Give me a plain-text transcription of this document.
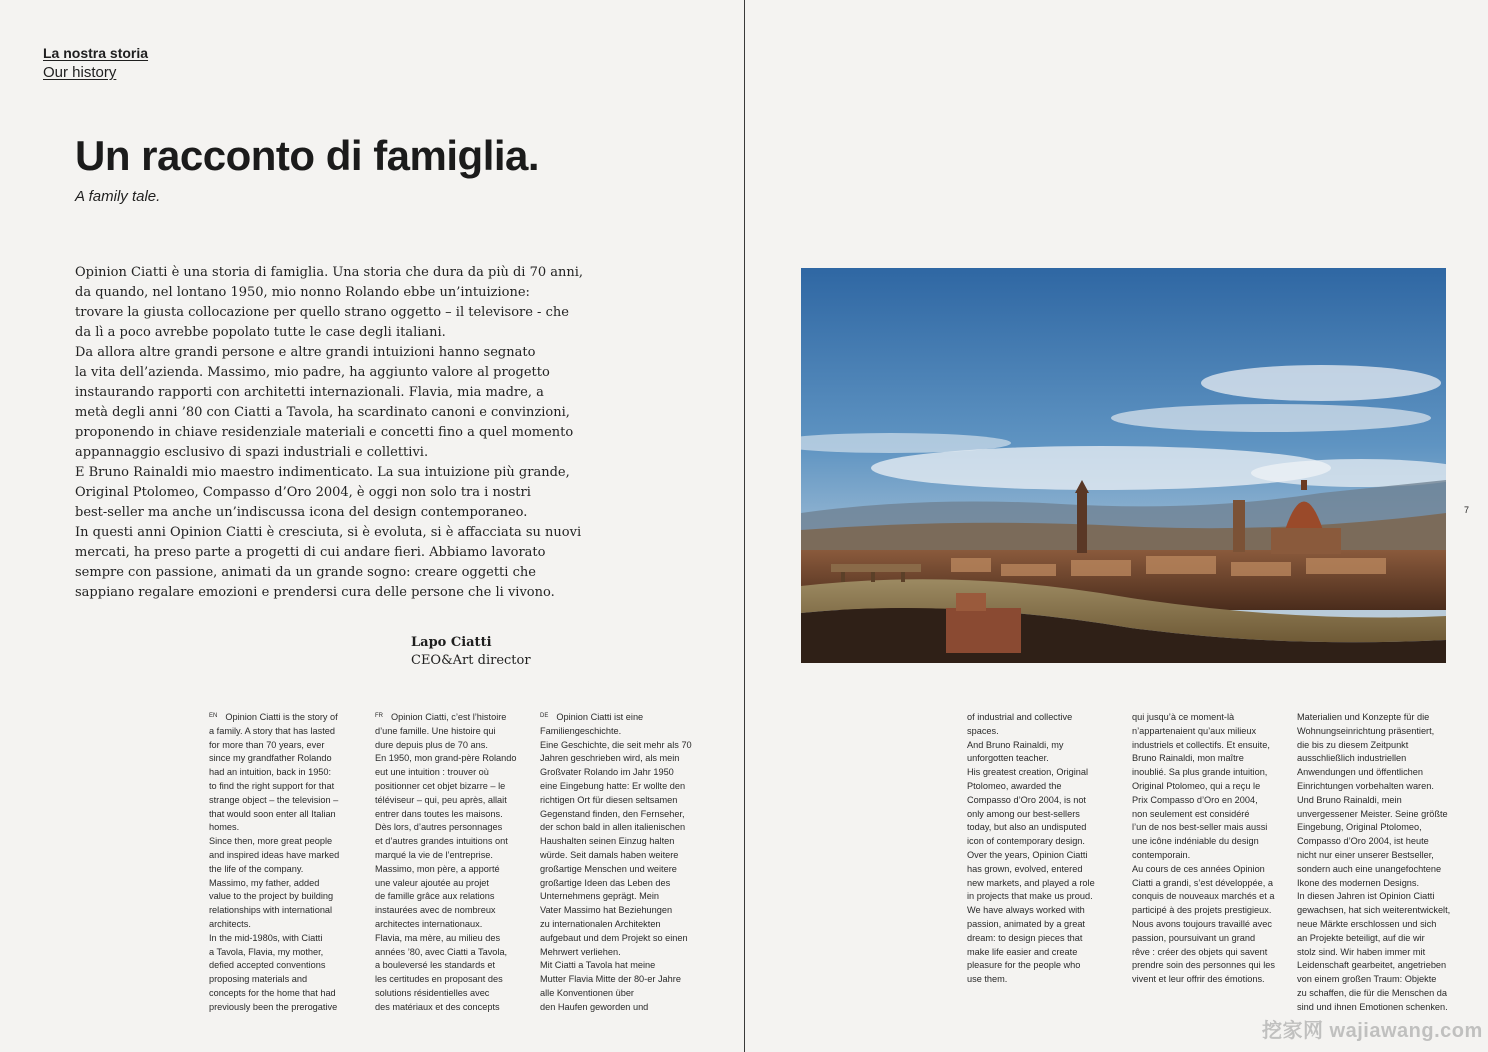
La nostra storia
Our history
Un racconto di famiglia.
A family tale.

Opinion Ciatti è una storia di famiglia. Una storia che dura da più di 70 anni,

da quando, nel lontano 1950, mio nonno Rolando ebbe un’intuizione:

trovare la giusta collocazione per quello strano oggetto – il televisore - che

da lì a poco avrebbe popolato tutte le case degli italiani.

Da allora altre grandi persone e altre grandi intuizioni hanno segnato

la vita dell’azienda. Massimo, mio padre, ha aggiunto valore al progetto

instaurando rapporti con architetti internazionali. Flavia, mia madre, a

metà degli anni ’80 con Ciatti a Tavola, ha scardinato canoni e convinzioni,

proponendo in chiave residenziale materiali e concetti fino a quel momento

appannaggio esclusivo di spazi industriali e collettivi.

E Bruno Rainaldi mio maestro indimenticato. La sua intuizione più grande,

Original Ptolomeo, Compasso d’Oro 2004, è oggi non solo tra i nostri

best-seller ma anche un’indiscussa icona del design contemporaneo.

In questi anni Opinion Ciatti è cresciuta, si è evoluta, si è affacciata su nuovi

mercati, ha preso parte a progetti di cui andare fieri. Abbiamo lavorato

sempre con passione, animati da un grande sogno: creare oggetti che

sappiano regalare emozioni e prendersi cura delle persone che li vivono.

Lapo Ciatti
CEO&Art director

$^{EN}$ Opinion Ciatti is the story of

a family. A story that has lasted

for more than 70 years, ever

since my grandfather Rolando

had an intuition, back in 1950:

to find the right support for that

strange object – the television –

that would soon enter all Italian

homes.

Since then, more great people

and inspired ideas have marked

the life of the company.

Massimo, my father, added

value to the project by building

relationships with international

architects.

In the mid-1980s, with Ciatti

a Tavola, Flavia, my mother,

defied accepted conventions

proposing materials and

concepts for the home that had

previously been the prerogative

$^{FR}$ Opinion Ciatti, c’est l’histoire

d’une famille. Une histoire qui

dure depuis plus de 70 ans.

En 1950, mon grand-père Rolando

eut une intuition : trouver où

positionner cet objet bizarre – le

téléviseur – qui, peu après, allait

entrer dans toutes les maisons.

Dès lors, d’autres personnages

et d’autres grandes intuitions ont

marqué la vie de l’entreprise.

Massimo, mon père, a apporté

une valeur ajoutée au projet

de famille grâce aux relations

instaurées avec de nombreux

architectes internationaux.

Flavia, ma mère, au milieu des

années ’80, avec Ciatti a Tavola,

a bouleversé les standards et

les certitudes en proposant des

solutions résidentielles avec

des matériaux et des concepts

$^{DE}$ Opinion Ciatti ist eine

Familiengeschichte.

Eine Geschichte, die seit mehr als 70

Jahren geschrieben wird, als mein

Großvater Rolando im Jahr 1950

eine Eingebung hatte: Er wollte den

richtigen Ort für diesen seltsamen

Gegenstand finden, den Fernseher,

der schon bald in allen italienischen

Haushalten seinen Einzug halten

würde. Seit damals haben weitere

großartige Menschen und weitere

großartige Ideen das Leben des

Unternehmens geprägt. Mein

Vater Massimo hat Beziehungen

zu internationalen Architekten

aufgebaut und dem Projekt so einen

Mehrwert verliehen.

Mit Ciatti a Tavola hat meine

Mutter Flavia Mitte der 80-er Jahre

alle Konventionen über

den Haufen geworden und

of industrial and collective

spaces.

And Bruno Rainaldi, my

unforgotten teacher.

His greatest creation, Original

Ptolomeo, awarded the

Compasso d’Oro 2004, is not

only among our best-sellers

today, but also an undisputed

icon of contemporary design.

Over the years, Opinion Ciatti

has grown, evolved, entered

new markets, and played a role

in projects that make us proud.

We have always worked with

passion, animated by a great

dream: to design pieces that

make life easier and create

pleasure for the people who

use them.

qui jusqu’à ce moment-là

n’appartenaient qu’aux milieux

industriels et collectifs. Et ensuite,

Bruno Rainaldi, mon maître

inoublié. Sa plus grande intuition,

Original Ptolomeo, qui a reçu le

Prix Compasso d’Oro en 2004,

non seulement est considéré

l’un de nos best-seller mais aussi

une icône indéniable du design

contemporain.

Au cours de ces années Opinion

Ciatti a grandi, s’est développée, a

conquis de nouveaux marchés et a

participé à des projets prestigieux.

Nous avons toujours travaillé avec

passion, poursuivant un grand

rêve : créer des objets qui savent

prendre soin des personnes qui les

vivent et leur offrir des émotions.

Materialien und Konzepte für die

Wohnungseinrichtung präsentiert,

die bis zu diesem Zeitpunkt

ausschließlich industriellen

Anwendungen und öffentlichen

Einrichtungen vorbehalten waren.

Und Bruno Rainaldi, mein

unvergessener Meister. Seine größte

Eingebung, Original Ptolomeo,

Compasso d’Oro 2004, ist heute

nicht nur einer unserer Bestseller,

sondern auch eine unangefochtene

Ikone des modernen Designs.

In diesen Jahren ist Opinion Ciatti

gewachsen, hat sich weiterentwickelt,

neue Märkte erschlossen und sich

an Projekte beteiligt, auf die wir

stolz sind. Wir haben immer mit

Leidenschaft gearbeitet, angetrieben

von einem großen Traum: Objekte

zu schaffen, die für die Menschen da

sind und ihnen Emotionen schenken.

7
挖家网 wajiawang.com
